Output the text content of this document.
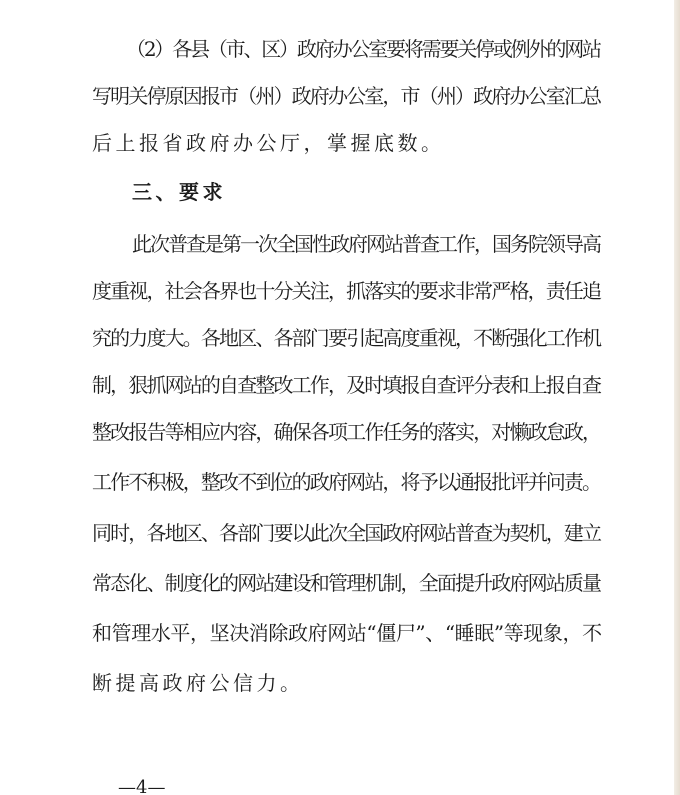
（2）各县（市、区）政府办公室要将需要关停或例外的网站
写明关停原因报市（州）政府办公室，市（州）政府办公室汇总
后上报省政府办公厅，掌握底数。
三、要求
此次普查是第一次全国性政府网站普查工作，国务院领导高
度重视，社会各界也十分关注，抓落实的要求非常严格，责任追
究的力度大。各地区、各部门要引起高度重视，不断强化工作机
制，狠抓网站的自查整改工作，及时填报自查评分表和上报自查
整改报告等相应内容，确保各项工作任务的落实，对懒政怠政，
工作不积极，整改不到位的政府网站，将予以通报批评并问责。
同时，各地区、各部门要以此次全国政府网站普查为契机，建立
常态化、制度化的网站建设和管理机制，全面提升政府网站质量
和管理水平，坚决消除政府网站“僵尸”、“睡眠”等现象，不
断提高政府公信力。
—4—
